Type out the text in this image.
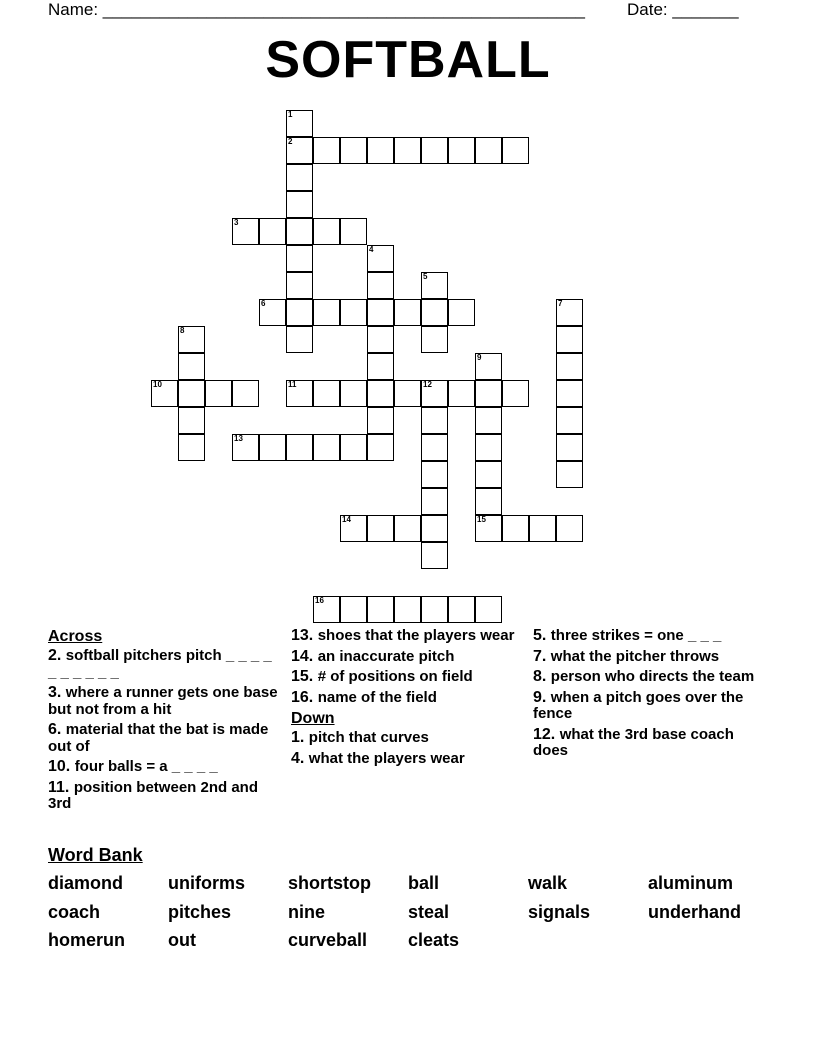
Name: ___________________________________________________ Date: _______
SOFTBALL
1
2
3
4
5
6	7
8
9
10	11	12
13
14	15
16
Across
2. softball pitchers pitch _ _ _ _ _ _ _ _ _ _
3. where a runner gets one base but not from a hit
6. material that the bat is made out of
10. four balls = a _ _ _ _
11. position between 2nd and 3rd
13. shoes that the players wear
14. an inaccurate pitch
15. # of positions on field
16. name of the field
Down
1. pitch that curves
4. what the players wear
5. three strikes = one _ _ _
7. what the pitcher throws
8. person who directs the team
9. when a pitch goes over the fence
12. what the 3rd base coach does
Word Bank
diamond	uniforms shortstop ball	walk	aluminum
coach	pitches	nine	steal	signals	underhand
homerun out	curveball cleats
